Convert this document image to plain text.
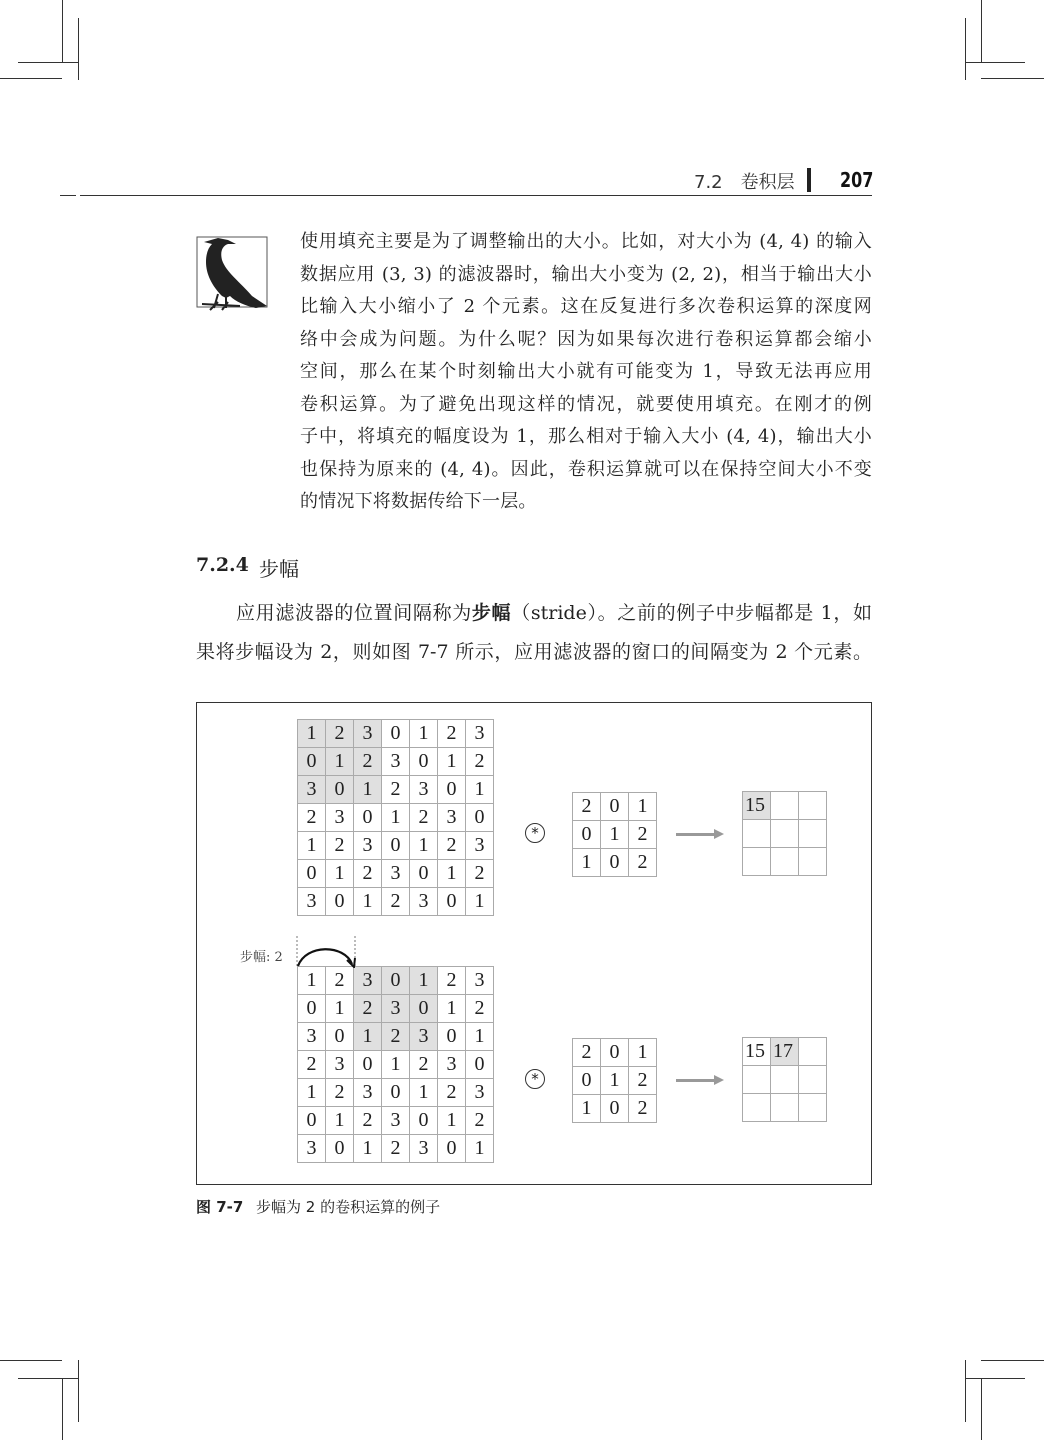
7.2　卷积层 207
使用填充主要是为了调整输出的大小。比如，对大小为 (4, 4) 的输入
数据应用 (3, 3) 的滤波器时，输出大小变为 (2, 2)，相当于输出大小
比输入大小缩小了 2 个元素。这在反复进行多次卷积运算的深度网
络中会成为问题。为什么呢？因为如果每次进行卷积运算都会缩小
空间，那么在某个时刻输出大小就有可能变为 1，导致无法再应用
卷积运算。为了避免出现这样的情况，就要使用填充。在刚才的例
子中，将填充的幅度设为 1，那么相对于输入大小 (4, 4)，输出大小
也保持为原来的 (4, 4)。因此，卷积运算就可以在保持空间大小不变
的情况下将数据传给下一层。
7.2.4 步幅
应用滤波器的位置间隔称为步幅（stride）。之前的例子中步幅都是 1，如
果将步幅设为 2，则如图 7-7 所示，应用滤波器的窗口的间隔变为 2 个元素。
1	2	3	0	1	2	3
0	1	2	3	0	1	2
3	0	1	2	3	0	1
2	3	0	1	2	3	0
1	2	3	0	1	2	3
0	1	2	3	0	1	2
3	0	1	2	3	0	1
2	0	1
0	1	2
1	0	2
15		

*
1	2	3	0	1	2	3
0	1	2	3	0	1	2
3	0	1	2	3	0	1
2	3	0	1	2	3	0
1	2	3	0	1	2	3
0	1	2	3	0	1	2
3	0	1	2	3	0	1
2	0	1
0	1	2
1	0	2
15	17	

*
步幅: 2
图 7-7 步幅为 2 的卷积运算的例子
